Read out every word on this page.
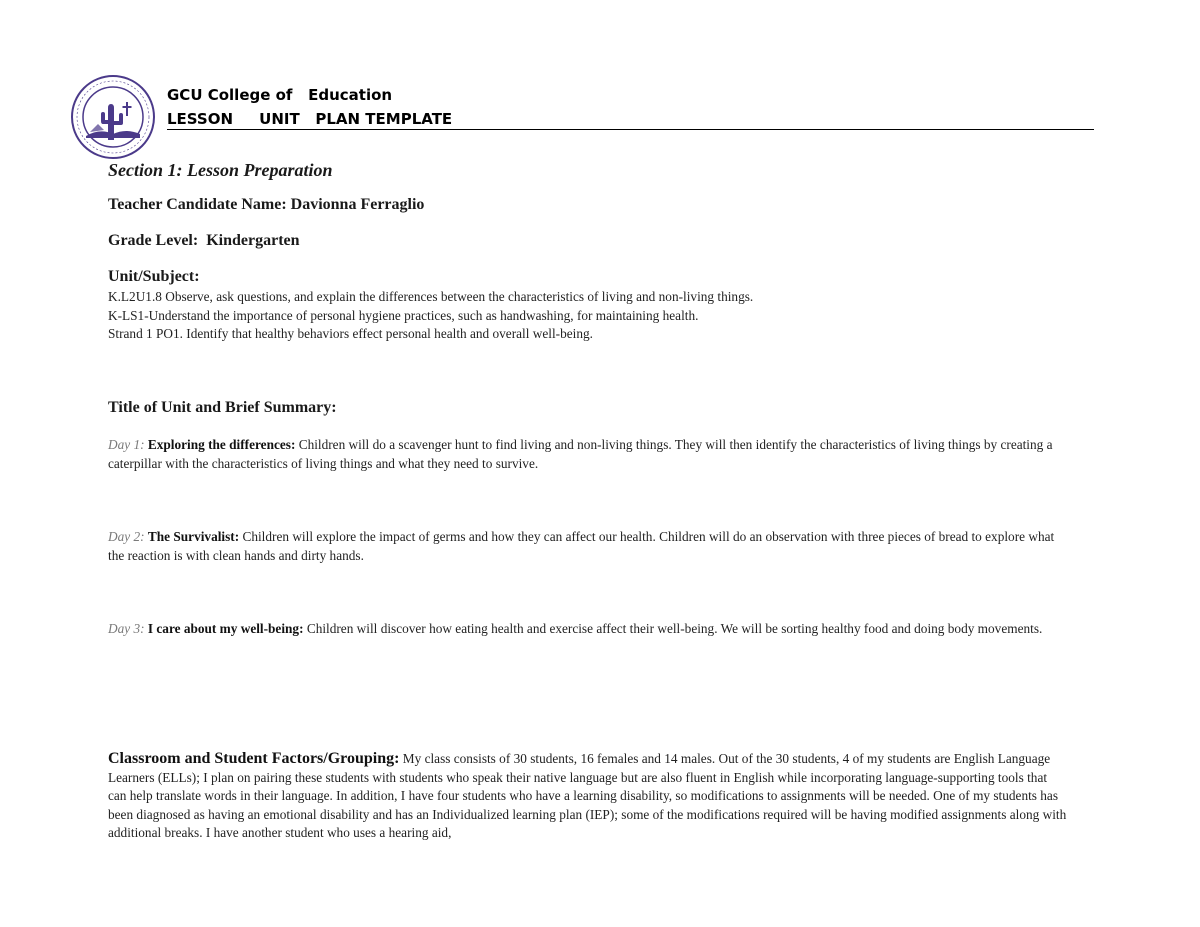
GCU College of   Education
LESSON     UNIT   PLAN TEMPLATE
Section 1: Lesson Preparation
Teacher Candidate Name: Davionna Ferraglio
Grade Level: Kindergarten
Unit/Subject:
K.L2U1.8 Observe, ask questions, and explain the differences between the characteristics of living and non-living things.
K-LS1-Understand the importance of personal hygiene practices, such as handwashing, for maintaining health.
Strand 1 PO1. Identify that healthy behaviors effect personal health and overall well-being.
Title of Unit and Brief Summary:
Day 1: Exploring the differences: Children will do a scavenger hunt to find living and non-living things. They will then identify the characteristics of living things by creating a caterpillar with the characteristics of living things and what they need to survive.
Day 2: The Survivalist: Children will explore the impact of germs and how they can affect our health. Children will do an observation with three pieces of bread to explore what the reaction is with clean hands and dirty hands.
Day 3: I care about my well-being: Children will discover how eating health and exercise affect their well-being. We will be sorting healthy food and doing body movements.
Classroom and Student Factors/Grouping: My class consists of 30 students, 16 females and 14 males. Out of the 30 students, 4 of my students are English Language Learners (ELLs); I plan on pairing these students with students who speak their native language but are also fluent in English while incorporating language-supporting tools that can help translate words in their language. In addition, I have four students who have a learning disability, so modifications to assignments will be needed. One of my students has been diagnosed as having an emotional disability and has an Individualized learning plan (IEP); some of the modifications required will be having modified assignments along with additional breaks. I have another student who uses a hearing aid,
